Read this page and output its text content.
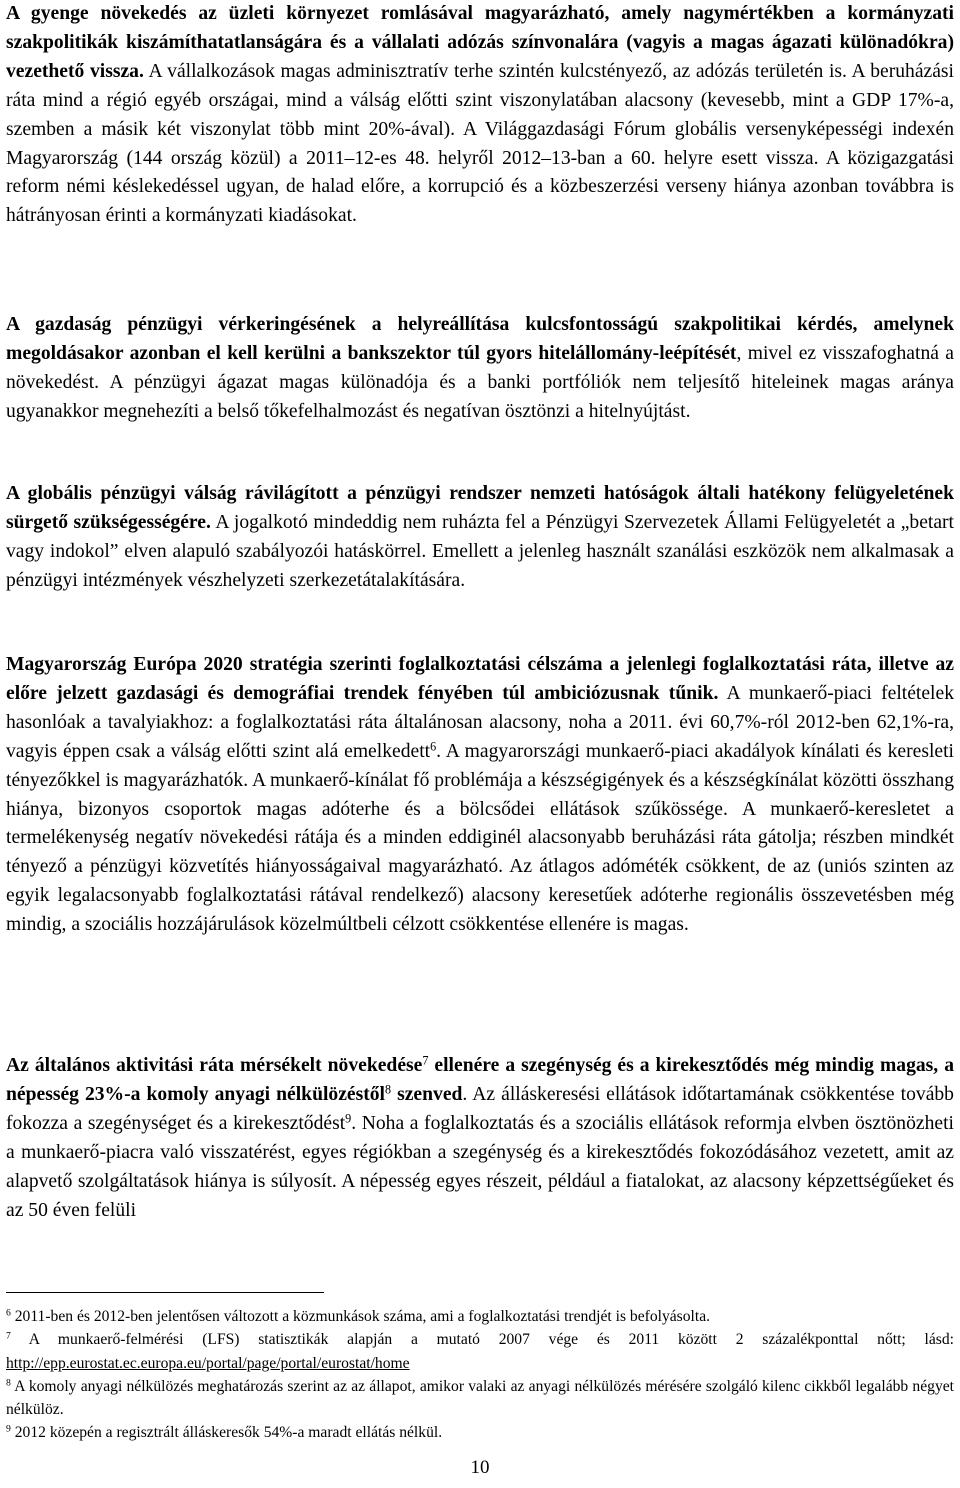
A gyenge növekedés az üzleti környezet romlásával magyarázható, amely nagymértékben a kormányzati szakpolitikák kiszámíthatatlanságára és a vállalati adózás színvonalára (vagyis a magas ágazati különadókra) vezethető vissza. A vállalkozások magas adminisztratív terhe szintén kulcstényező, az adózás területén is. A beruházási ráta mind a régió egyéb országai, mind a válság előtti szint viszonylatában alacsony (kevesebb, mint a GDP 17%-a, szemben a másik két viszonylat több mint 20%-ával). A Világgazdasági Fórum globális versenyképességi indexén Magyarország (144 ország közül) a 2011–12-es 48. helyről 2012–13-ban a 60. helyre esett vissza. A közigazgatási reform némi késlekedéssel ugyan, de halad előre, a korrupció és a közbeszerzési verseny hiánya azonban továbbra is hátrányosan érinti a kormányzati kiadásokat.

A gazdaság pénzügyi vérkeringésének a helyreállítása kulcsfontosságú szakpolitikai kérdés, amelynek megoldásakor azonban el kell kerülni a bankszektor túl gyors hitelállomány-leépítését, mivel ez visszafoghatná a növekedést. A pénzügyi ágazat magas különadója és a banki portfóliók nem teljesítő hiteleinek magas aránya ugyanakkor megnehezíti a belső tőkefelhalmozást és negatívan ösztönzi a hitelnyújtást.

A globális pénzügyi válság rávilágított a pénzügyi rendszer nemzeti hatóságok általi hatékony felügyeletének sürgető szükségességére. A jogalkotó mindeddig nem ruházta fel a Pénzügyi Szervezetek Állami Felügyeletét a „betart vagy indokol” elven alapuló szabályozói hatáskörrel. Emellett a jelenleg használt szanálási eszközök nem alkalmasak a pénzügyi intézmények vészhelyzeti szerkezetátalakítására.

Magyarország Európa 2020 stratégia szerinti foglalkoztatási célszáma a jelenlegi foglalkoztatási ráta, illetve az előre jelzett gazdasági és demográfiai trendek fényében túl ambiciózusnak tűnik. A munkaerő-piaci feltételek hasonlóak a tavalyiakhoz: a foglalkoztatási ráta általánosan alacsony, noha a 2011. évi 60,7%-ról 2012-ben 62,1%-ra, vagyis éppen csak a válság előtti szint alá emelkedett$^6$. A magyarországi munkaerő-piaci akadályok kínálati és keresleti tényezőkkel is magyarázhatók. A munkaerő-kínálat fő problémája a készségigények és a készségkínálat közötti összhang hiánya, bizonyos csoportok magas adóterhe és a bölcsődei ellátások szűkössége. A munkaerő-keresletet a termelékenység negatív növekedési rátája és a minden eddiginél alacsonyabb beruházási ráta gátolja; részben mindkét tényező a pénzügyi közvetítés hiányosságaival magyarázható. Az átlagos adóméték csökkent, de az (uniós szinten az egyik legalacsonyabb foglalkoztatási rátával rendelkező) alacsony keresetűek adóterhe regionális összevetésben még mindig, a szociális hozzájárulások közelmúltbeli célzott csökkentése ellenére is magas.

Az általános aktivitási ráta mérsékelt növekedése$^7$ ellenére a szegénység és a kirekesztődés még mindig magas, a népesség 23%-a komoly anyagi nélkülözéstől$^8$ szenved. Az álláskeresési ellátások időtartamának csökkentése tovább fokozza a szegénységet és a kirekesztődést$^9$. Noha a foglalkoztatás és a szociális ellátások reformja elvben ösztönözheti a munkaerő-piacra való visszatérést, egyes régiókban a szegénység és a kirekesztődés fokozódásához vezetett, amit az alapvető szolgáltatások hiánya is súlyosít. A népesség egyes részeit, például a fiatalokat, az alacsony képzettségűeket és az 50 éven felüli

$^6$ 2011-ben és 2012-ben jelentősen változott a közmunkások száma, ami a foglalkoztatási trendjét is befolyásolta.

$^7$ A munkaerő-felmérési (LFS) statisztikák alapján a mutató 2007 vége és 2011 között 2 százalékponttal nőtt; lásd: http://epp.eurostat.ec.europa.eu/portal/page/portal/eurostat/home

$^8$ A komoly anyagi nélkülözés meghatározás szerint az az állapot, amikor valaki az anyagi nélkülözés mérésére szolgáló kilenc cikkből legalább négyet nélkülöz.

$^9$ 2012 közepén a regisztrált álláskeresők 54%-a maradt ellátás nélkül.

10
